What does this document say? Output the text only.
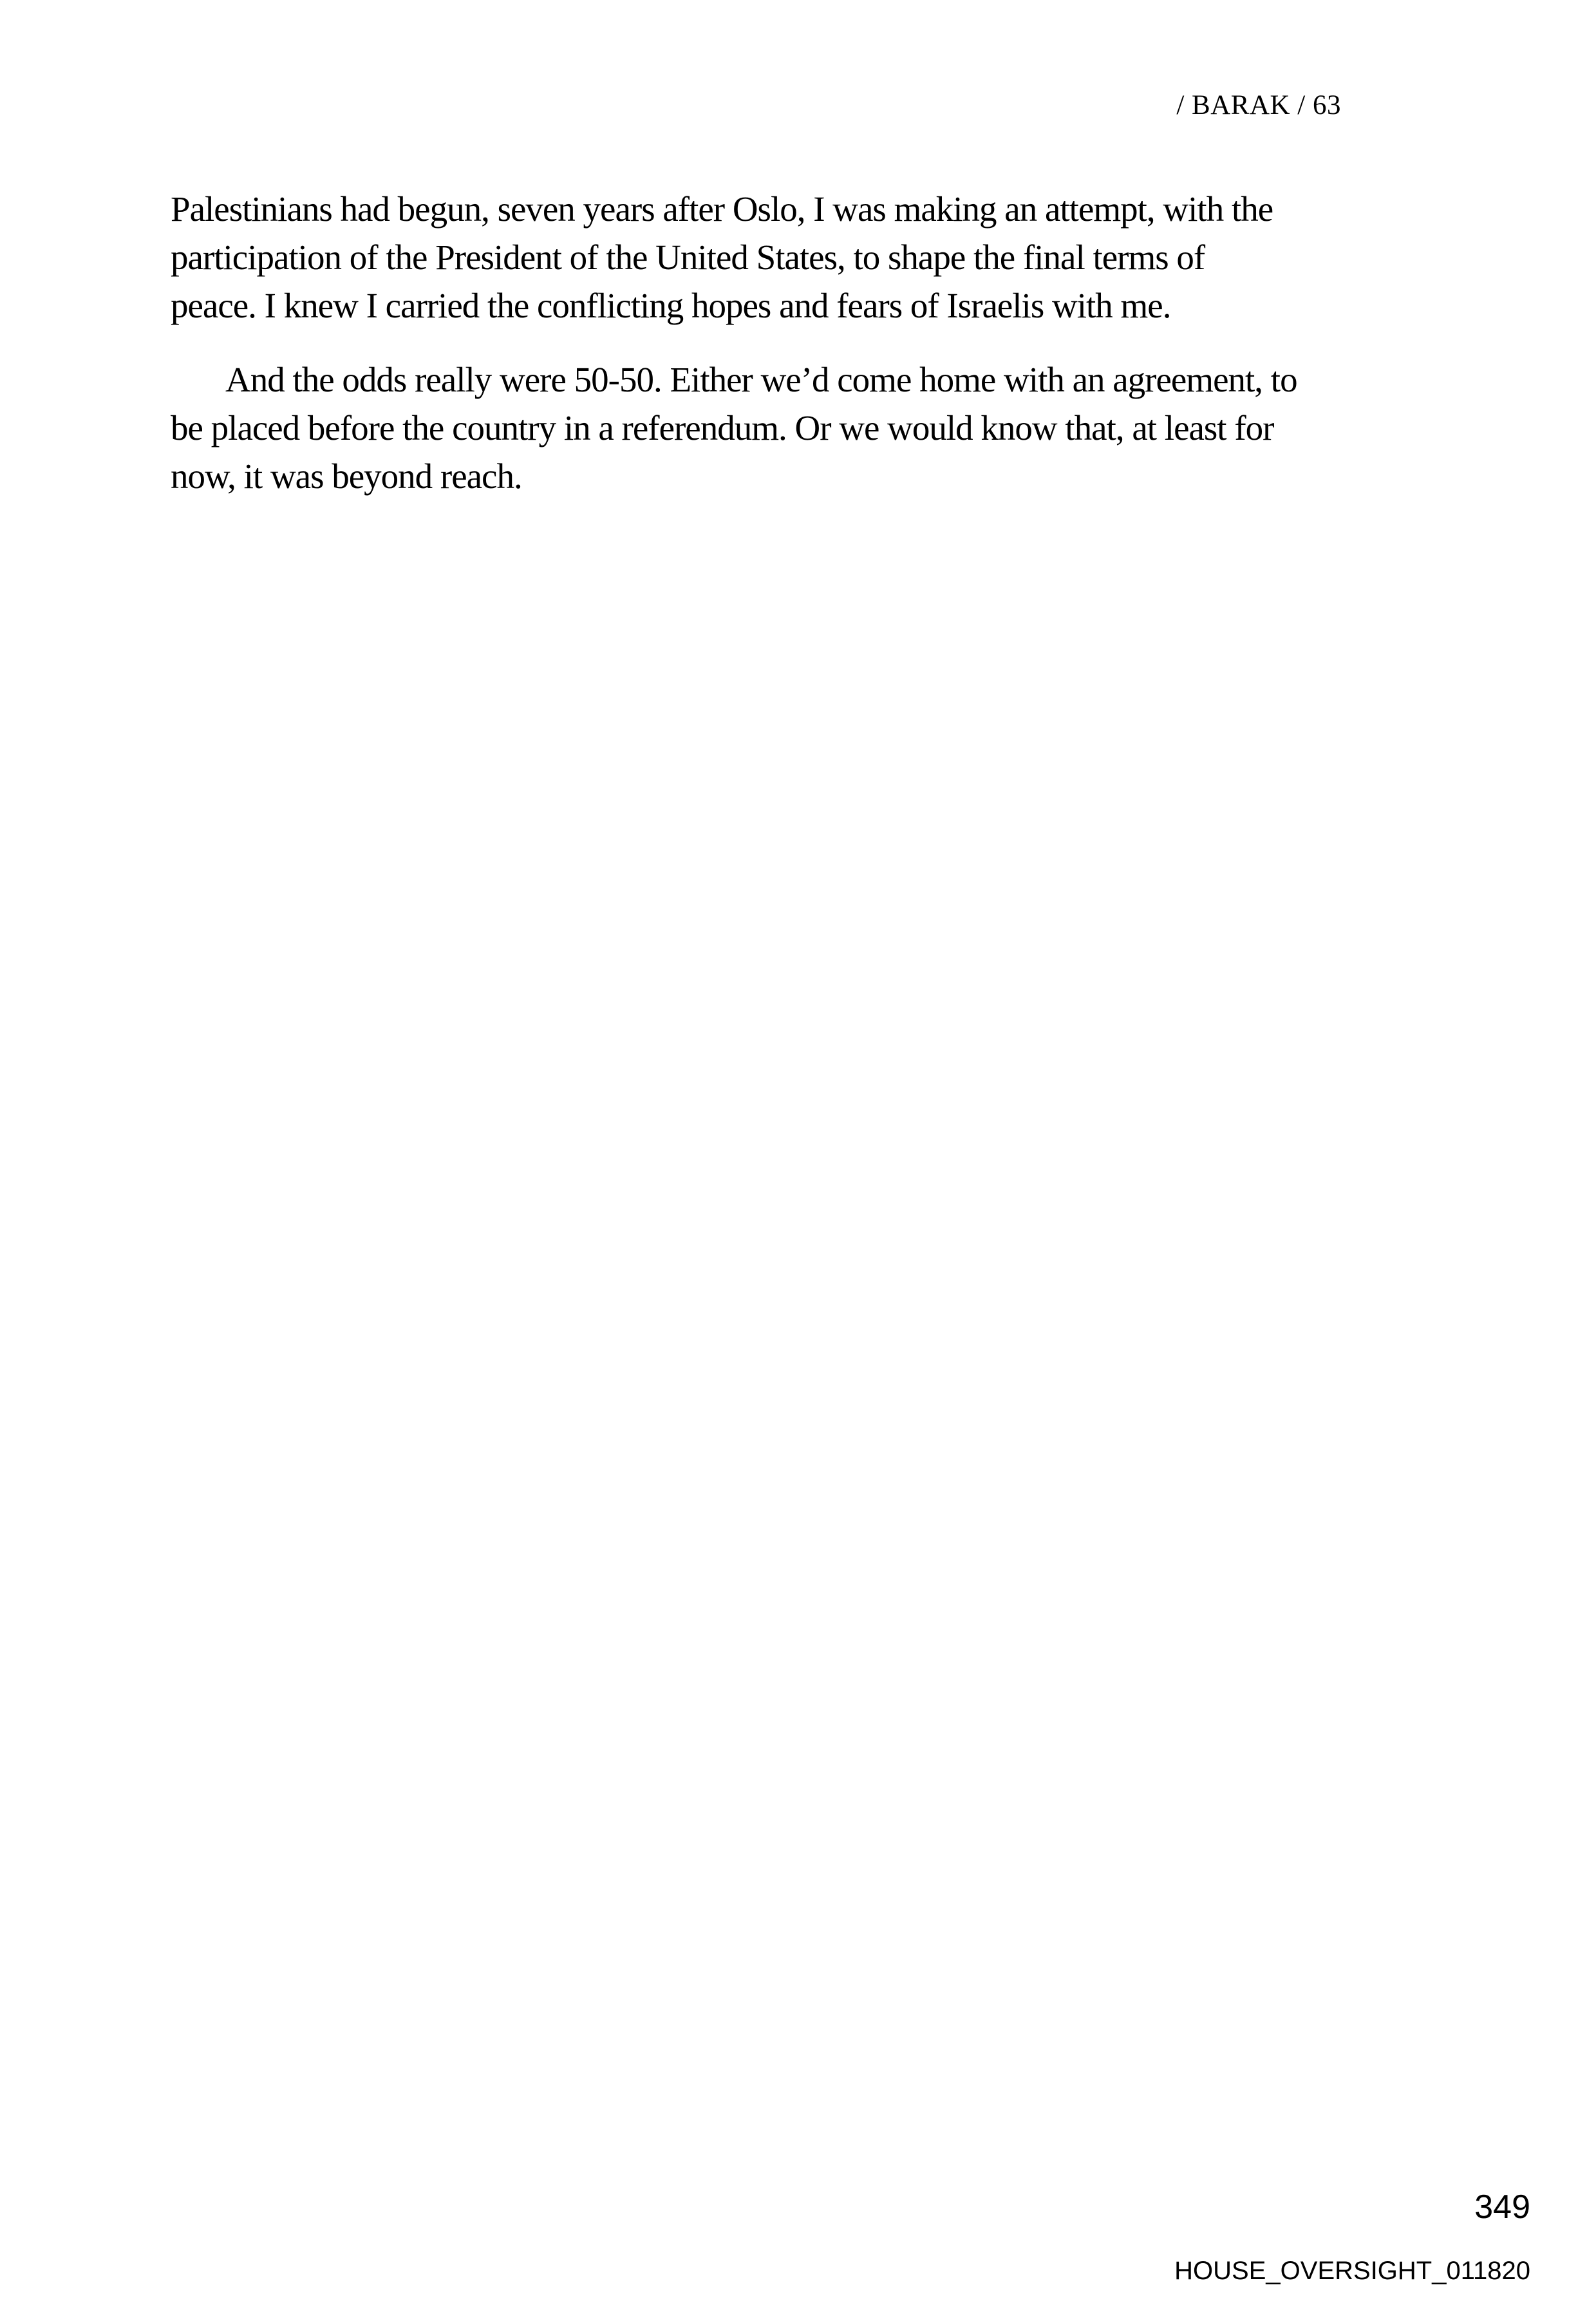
/ BARAK / 63

Palestinians had begun, seven years after Oslo, I was making an attempt, with the
participation of the President of the United States, to shape the final terms of
peace. I knew I carried the conflicting hopes and fears of Israelis with me.

And the odds really were 50-50. Either we’d come home with an agreement, to
be placed before the country in a referendum. Or we would know that, at least for
now, it was beyond reach.

349
HOUSE_OVERSIGHT_011820
